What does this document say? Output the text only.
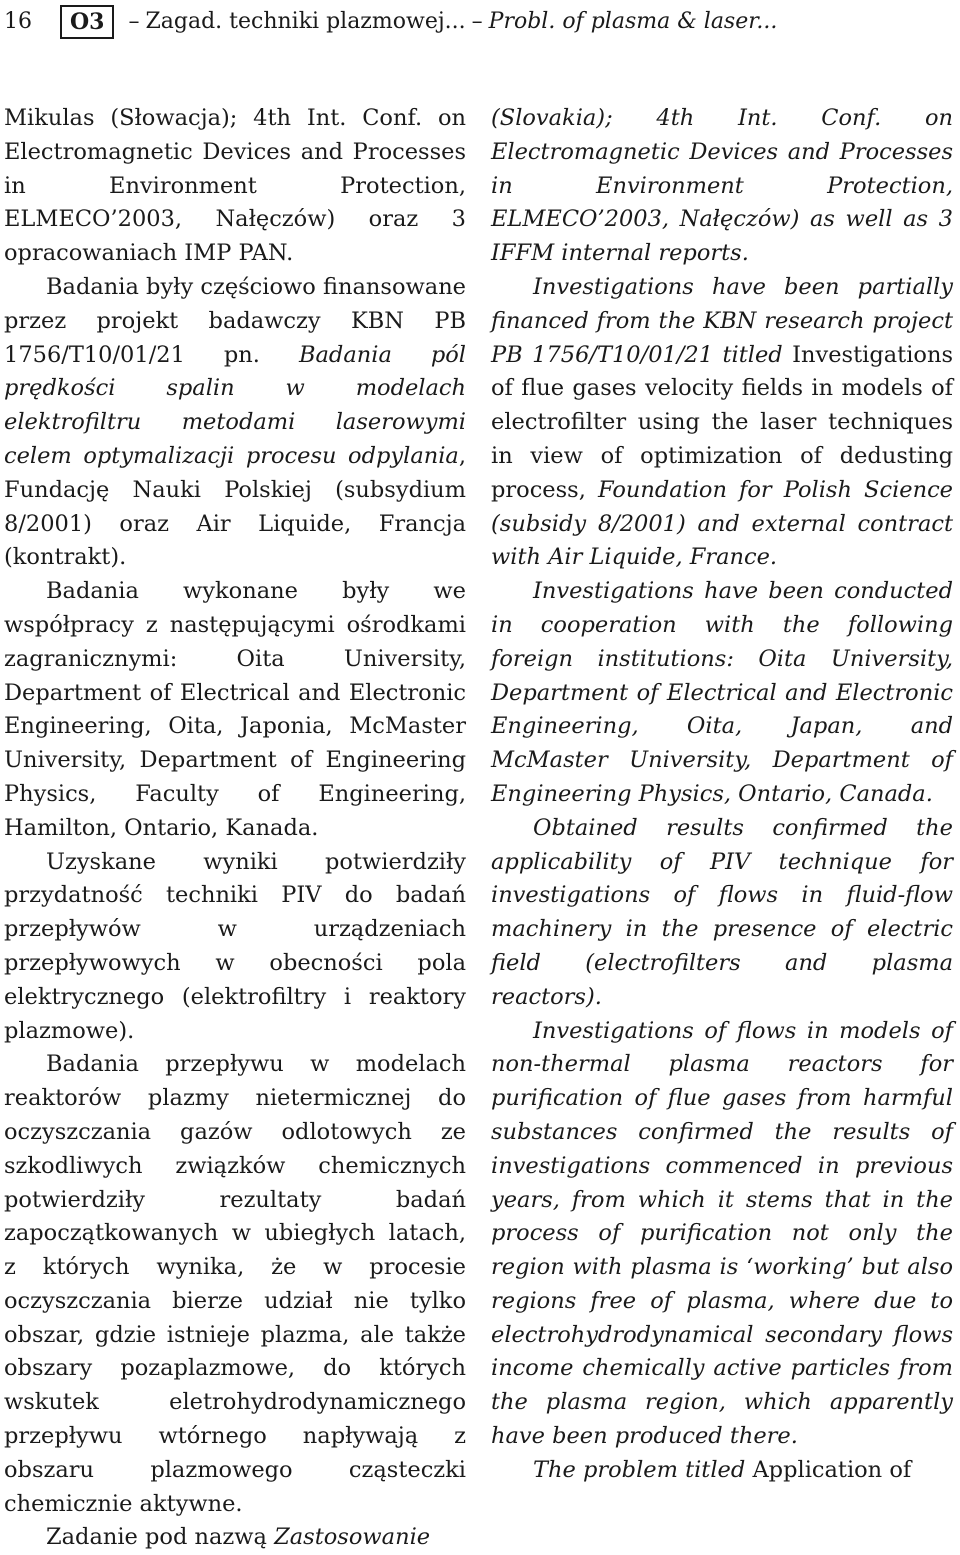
16 O3 – Zagad. techniki plazmowej... – Probl. of plasma & laser...

Mikulas (Słowacja); 4th Int. Conf. on Electromagnetic Devices and Processes in Environment Protection, ELMECO’2003, Nałęczów) oraz 3 opracowaniach IMP PAN.

Badania były częściowo finansowane przez projekt badawczy KBN PB 1756/T10/01/21 pn. Badania pól prędkości spalin w modelach elektrofiltru metodami laserowymi celem optymalizacji procesu odpylania, Fundację Nauki Polskiej (subsydium 8/2001) oraz Air Liquide, Francja (kontrakt).

Badania wykonane były we współpracy z następującymi ośrodkami zagranicznymi: Oita University, Department of Electrical and Electronic Engineering, Oita, Japonia, McMaster University, Department of Engineering Physics, Faculty of Engineering, Hamilton, Ontario, Kanada.

Uzyskane wyniki potwierdziły przydatność techniki PIV do badań przepływów w urządzeniach przepływowych w obecności pola elektrycznego (elektrofiltry i reaktory plazmowe).

Badania przepływu w modelach reaktorów plazmy nietermicznej do oczyszczania gazów odlotowych ze szkodliwych związków chemicznych potwierdziły rezultaty badań zapoczątkowanych w ubiegłych latach, z których wynika, że w procesie oczyszczania bierze udział nie tylko obszar, gdzie istnieje plazma, ale także obszary pozaplazmowe, do których wskutek eletrohydrodynamicznego przepływu wtórnego napływają z obszaru plazmowego cząsteczki chemicznie aktywne.

Zadanie pod nazwą Zastosowanie

(Slovakia); 4th Int. Conf. on Electromagnetic Devices and Processes in Environment Protection, ELMECO’2003, Nałęczów) as well as 3 IFFM internal reports.

Investigations have been partially financed from the KBN research project PB 1756/T10/01/21 titled Investigations of flue gases velocity fields in models of electrofilter using the laser techniques in view of optimization of dedusting process, Foundation for Polish Science (subsidy 8/2001) and external contract with Air Liquide, France.

Investigations have been conducted in cooperation with the following foreign institutions: Oita University, Department of Electrical and Electronic Engineering, Oita, Japan, and McMaster University, Department of Engineering Physics, Ontario, Canada.

Obtained results confirmed the applicability of PIV technique for investigations of flows in fluid-flow machinery in the presence of electric field (electrofilters and plasma reactors).

Investigations of flows in models of non-thermal plasma reactors for purification of flue gases from harmful substances confirmed the results of investigations commenced in previous years, from which it stems that in the process of purification not only the region with plasma is ‘working’ but also regions free of plasma, where due to electrohydrodynamical secondary flows income chemically active particles from the plasma region, which apparently have been produced there.

The problem titled Application of
